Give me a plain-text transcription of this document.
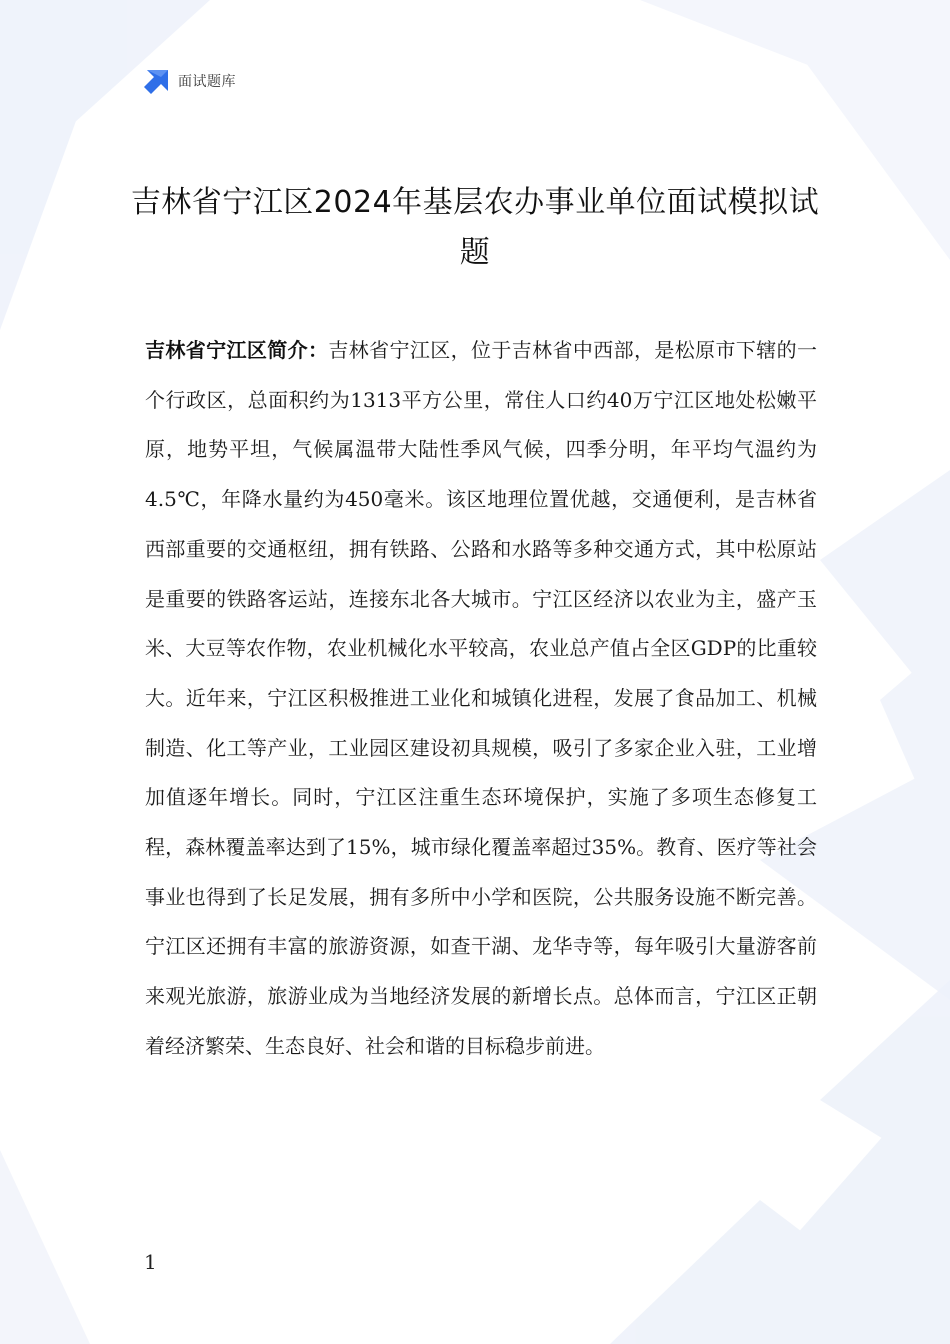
面试题库
吉林省宁江区2024年基层农办事业单位面试模拟试题

吉林省宁江区简介：吉林省宁江区，位于吉林省中西部，是松原市下辖的一个行政区，总面积约为1313平方公里，常住人口约40万宁江区地处松嫩平原，地势平坦，气候属温带大陆性季风气候，四季分明，年平均气温约为4.5℃，年降水量约为450毫米。该区地理位置优越，交通便利，是吉林省西部重要的交通枢纽，拥有铁路、公路和水路等多种交通方式，其中松原站是重要的铁路客运站，连接东北各大城市。宁江区经济以农业为主，盛产玉米、大豆等农作物，农业机械化水平较高，农业总产值占全区GDP的比重较大。近年来，宁江区积极推进工业化和城镇化进程，发展了食品加工、机械制造、化工等产业，工业园区建设初具规模，吸引了多家企业入驻，工业增加值逐年增长。同时，宁江区注重生态环境保护，实施了多项生态修复工程，森林覆盖率达到了15%，城市绿化覆盖率超过35%。教育、医疗等社会事业也得到了长足发展，拥有多所中小学和医院，公共服务设施不断完善。宁江区还拥有丰富的旅游资源，如查干湖、龙华寺等，每年吸引大量游客前来观光旅游，旅游业成为当地经济发展的新增长点。总体而言，宁江区正朝着经济繁荣、生态良好、社会和谐的目标稳步前进。

1
